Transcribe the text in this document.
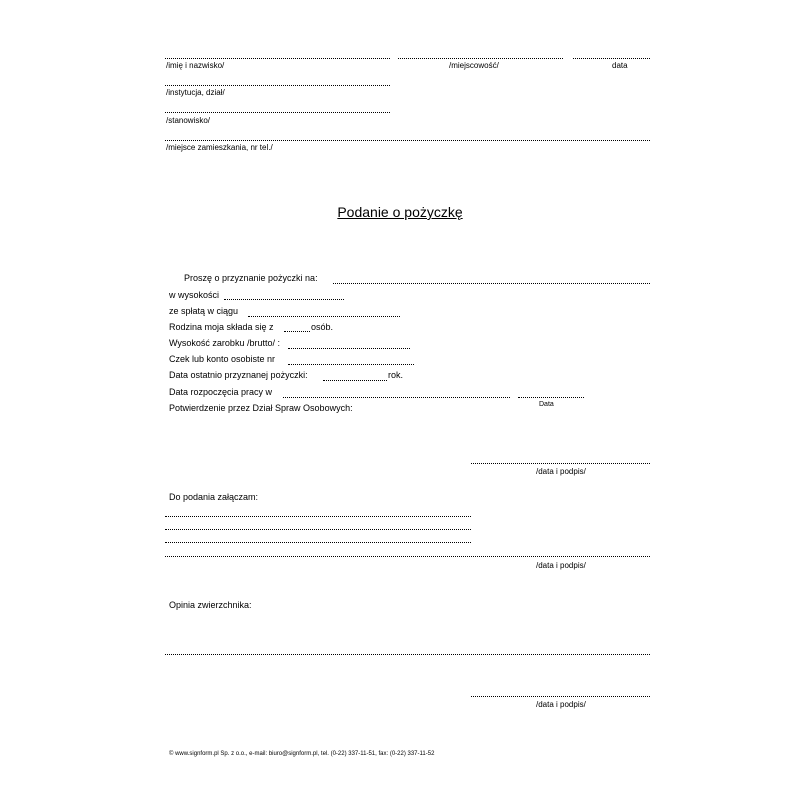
/imię i nazwisko/	/miejscowość/	data
/instytucja, dział/
/stanowisko/
/miejsce zamieszkania, nr tel./
Podanie o pożyczkę
Proszę o przyznanie pożyczki na:
w wysokości
ze spłatą w ciągu
Rodzina moja składa się z	osób.
Wysokość zarobku /brutto/ :
Czek lub konto osobiste nr
Data ostatnio przyznanej pożyczki:	rok.
Data rozpoczęcia pracy w
Data
Potwierdzenie przez Dział Spraw Osobowych:
/data i podpis/
Do podania załączam:
/data i podpis/
Opinia zwierzchnika:
/data i podpis/
© www.signform.pl Sp. z o.o., e-mail: biuro@signform.pl, tel. (0-22) 337-11-51, fax: (0-22) 337-11-52
